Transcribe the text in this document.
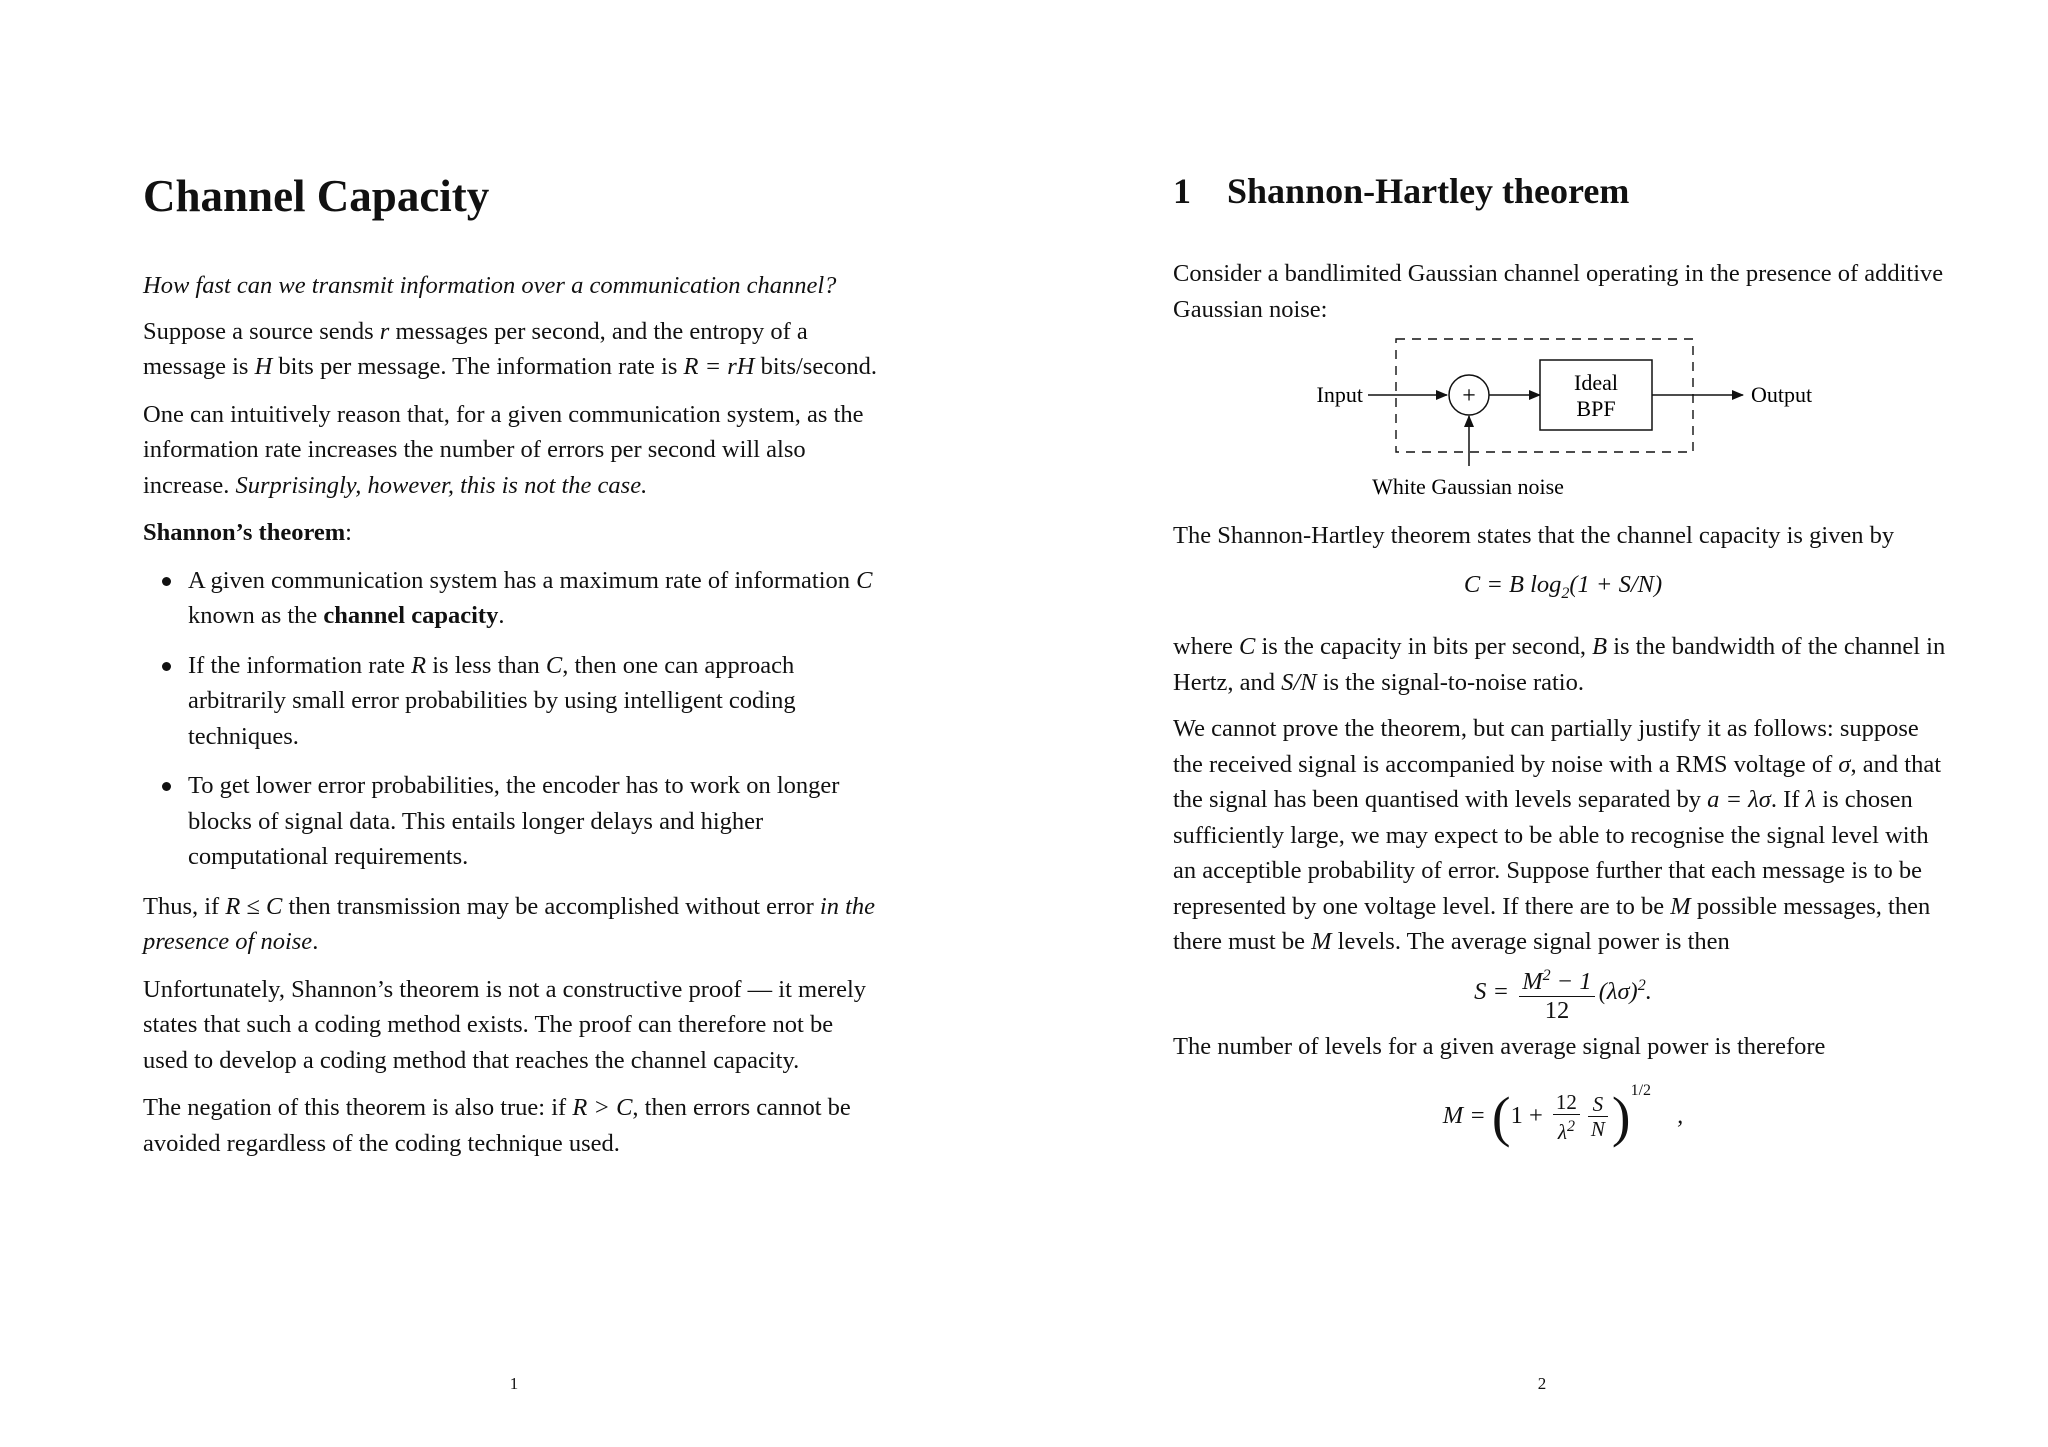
Channel Capacity

How fast can we transmit information over a communication channel?

Suppose a source sends r messages per second, and the entropy of a message is H bits per message. The information rate is R = rH bits/second.

One can intuitively reason that, for a given communication system, as the information rate increases the number of errors per second will also increase. Surprisingly, however, this is not the case.

Shannon’s theorem:

A given communication system has a maximum rate of information C known as the channel capacity.
If the information rate R is less than C, then one can approach arbitrarily small error probabilities by using intelligent coding techniques.
To get lower error probabilities, the encoder has to work on longer blocks of signal data. This entails longer delays and higher computational requirements.

Thus, if R ≤ C then transmission may be accomplished without error in the presence of noise.

Unfortunately, Shannon’s theorem is not a constructive proof — it merely states that such a coding method exists. The proof can therefore not be used to develop a coding method that reaches the channel capacity.

The negation of this theorem is also true: if R > C, then errors cannot be avoided regardless of the coding technique used.

1
1 Shannon-Hartley theorem

Consider a bandlimited Gaussian channel operating in the presence of additive Gaussian noise:

Input	+
Ideal
BPF
Output
White Gaussian noise

The Shannon-Hartley theorem states that the channel capacity is given by

C = B $\log_2(1 + S/N)$

where C is the capacity in bits per second, B is the bandwidth of the channel in Hertz, and S/N is the signal-to-noise ratio.

We cannot prove the theorem, but can partially justify it as follows: suppose the received signal is accompanied by noise with a RMS voltage of σ, and that the signal has been quantised with levels separated by a = λσ. If λ is chosen sufficiently large, we may expect to be able to recognise the signal level with an acceptible probability of error. Suppose further that each message is to be represented by one voltage level. If there are to be M possible messages, then there must be M levels. The average signal power is then

$S = \frac{M^2 - 1}{12} (\lambda\sigma)^2$.

The number of levels for a given average signal power is therefore

$M = (1 + \frac{12}{\lambda^2} \frac{S}{N} )^{1/2}$ ,
2
